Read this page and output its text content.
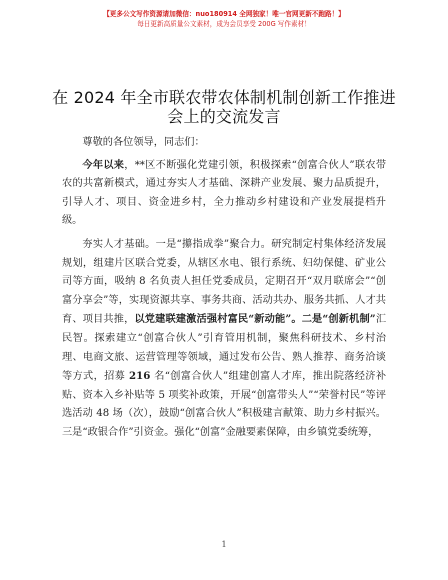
【更多公文写作资源请加微信：nuo180914 全网独家！唯一官网更新不跑路！】
每日更新高质量公文素材，成为会员享受 200G 写作素材！
在 2024 年全市联农带农体制机制创新工作推进
会上的交流发言

尊敬的各位领导，同志们：

今年以来，**区不断强化党建引领，积极探索“创富合伙人”联农带农的共富新模式，通过夯实人才基础、深耕产业发展、聚力品质提升，引导人才、项目、资金进乡村，全力推动乡村建设和产业发展提档升级。

夯实人才基础。一是“攥指成拳”聚合力。研究制定村集体经济发展规划，组建片区联合党委，从辖区水电、银行系统、妇幼保健、矿业公司等方面，吸纳 8 名负责人担任党委成员，定期召开“双月联席会”“创富分享会”等，实现资源共享、事务共商、活动共办、服务共抓、人才共育、项目共推，以党建联建激活强村富民“新动能”。二是“创新机制”汇民智。探索建立“创富合伙人”引育管用机制，聚焦科研技术、乡村治理、电商文旅、运营管理等领域，通过发布公告、熟人推荐、商务洽谈等方式，招募 216 名“创富合伙人”组建创富人才库，推出院落经济补贴、资本入乡补贴等 5 项奖补政策，开展“创富带头人”“荣誉村民”等评选活动 48 场（次），鼓励“创富合伙人”积极建言献策、助力乡村振兴。三是“政银合作”引资金。强化“创富”金融要素保障，由乡镇党委统筹，

1
